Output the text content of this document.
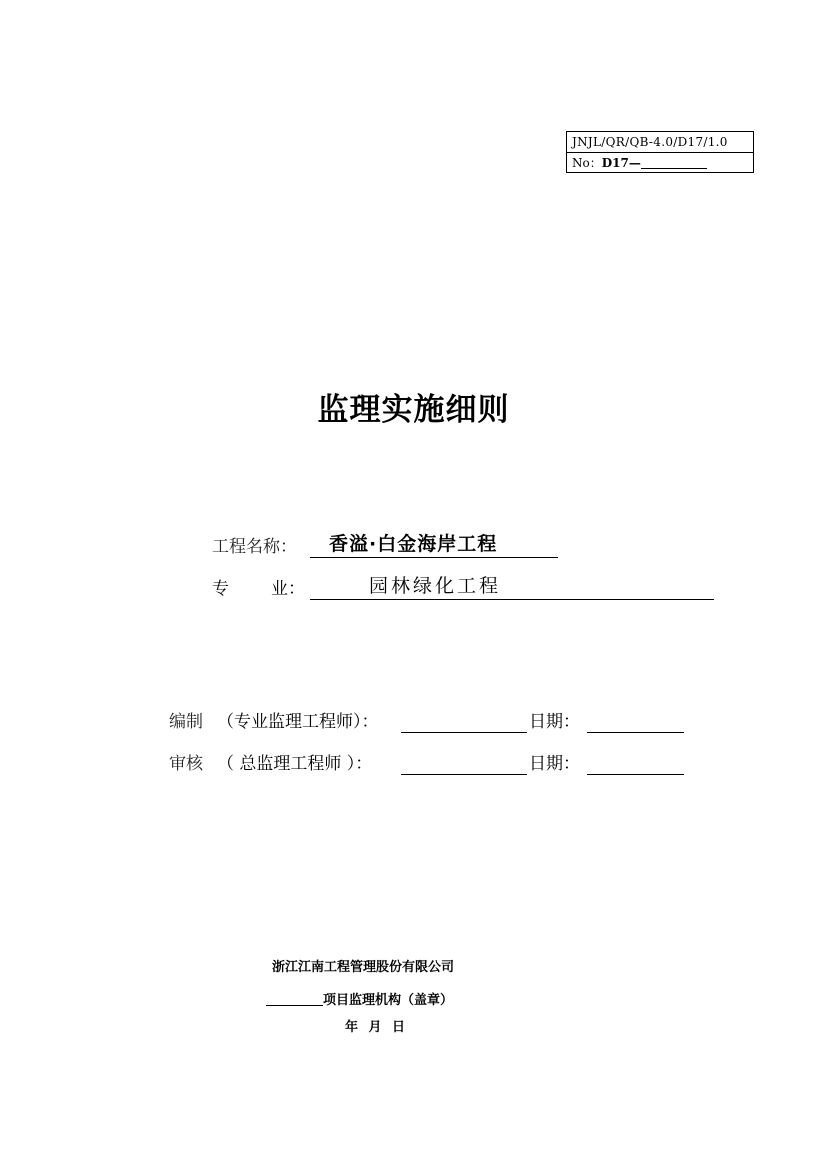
JNJL/QR/QB-4.0/D17/1.0
No：D17—
监理实施细则
工程名称： 香溢·白金海岸工程
专 业：	园林绿化工程
编制 （专业监理工程师）：	日期：
审核 （ 总监理工程师 ）：	日期：
浙江江南工程管理股份有限公司
项目监理机构（盖章）
年 月 日
